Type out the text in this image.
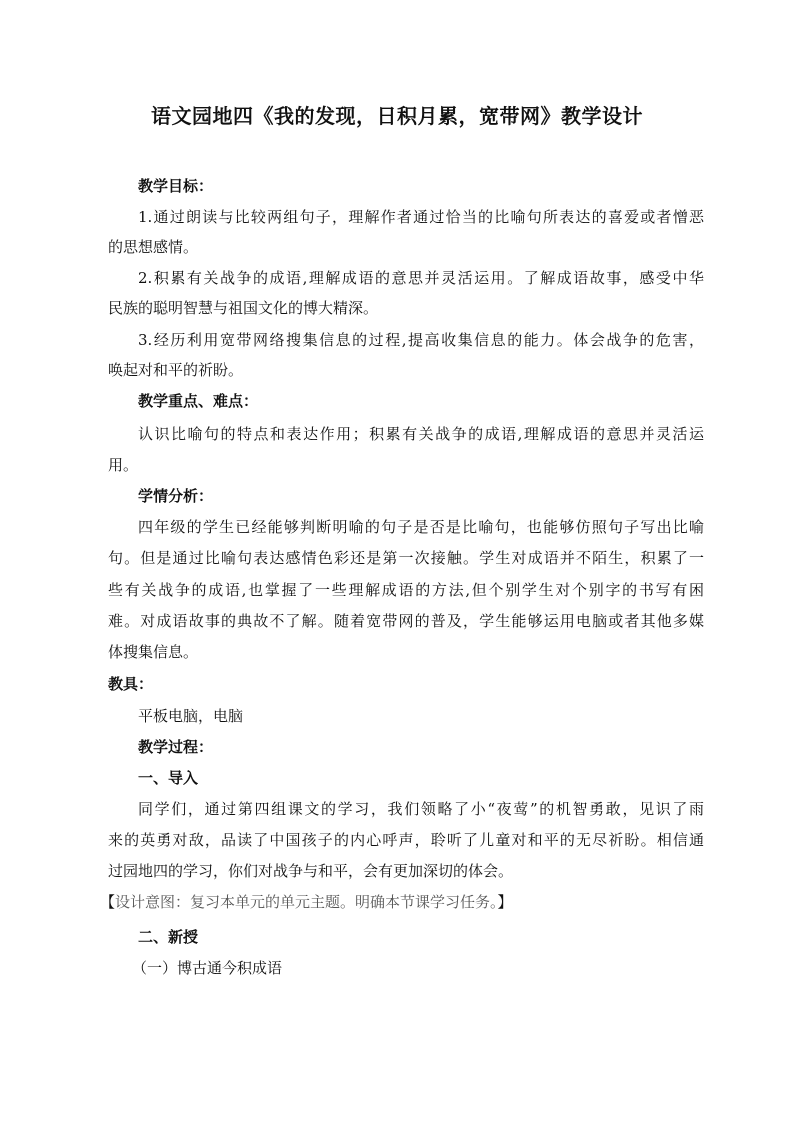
语文园地四《我的发现，日积月累，宽带网》教学设计
教学目标：
1.通过朗读与比较两组句子，理解作者通过恰当的比喻句所表达的喜爱或者憎恶
的思想感情。
2.积累有关战争的成语,理解成语的意思并灵活运用。了解成语故事，感受中华
民族的聪明智慧与祖国文化的博大精深。
3.经历利用宽带网络搜集信息的过程,提高收集信息的能力。体会战争的危害，
唤起对和平的祈盼。
教学重点、难点：
认识比喻句的特点和表达作用；积累有关战争的成语,理解成语的意思并灵活运
用。
学情分析：
四年级的学生已经能够判断明喻的句子是否是比喻句，也能够仿照句子写出比喻
句。但是通过比喻句表达感情色彩还是第一次接触。学生对成语并不陌生，积累了一
些有关战争的成语,也掌握了一些理解成语的方法,但个别学生对个别字的书写有困
难。对成语故事的典故不了解。随着宽带网的普及，学生能够运用电脑或者其他多媒
体搜集信息。
教具：
平板电脑，电脑
教学过程：
一、导入
同学们，通过第四组课文的学习，我们领略了小“夜莺”的机智勇敢，见识了雨
来的英勇对敌，品读了中国孩子的内心呼声，聆听了儿童对和平的无尽祈盼。相信通
过园地四的学习，你们对战争与和平，会有更加深切的体会。
【设计意图：复习本单元的单元主题。明确本节课学习任务。】
二、新授
（一）博古通今积成语
